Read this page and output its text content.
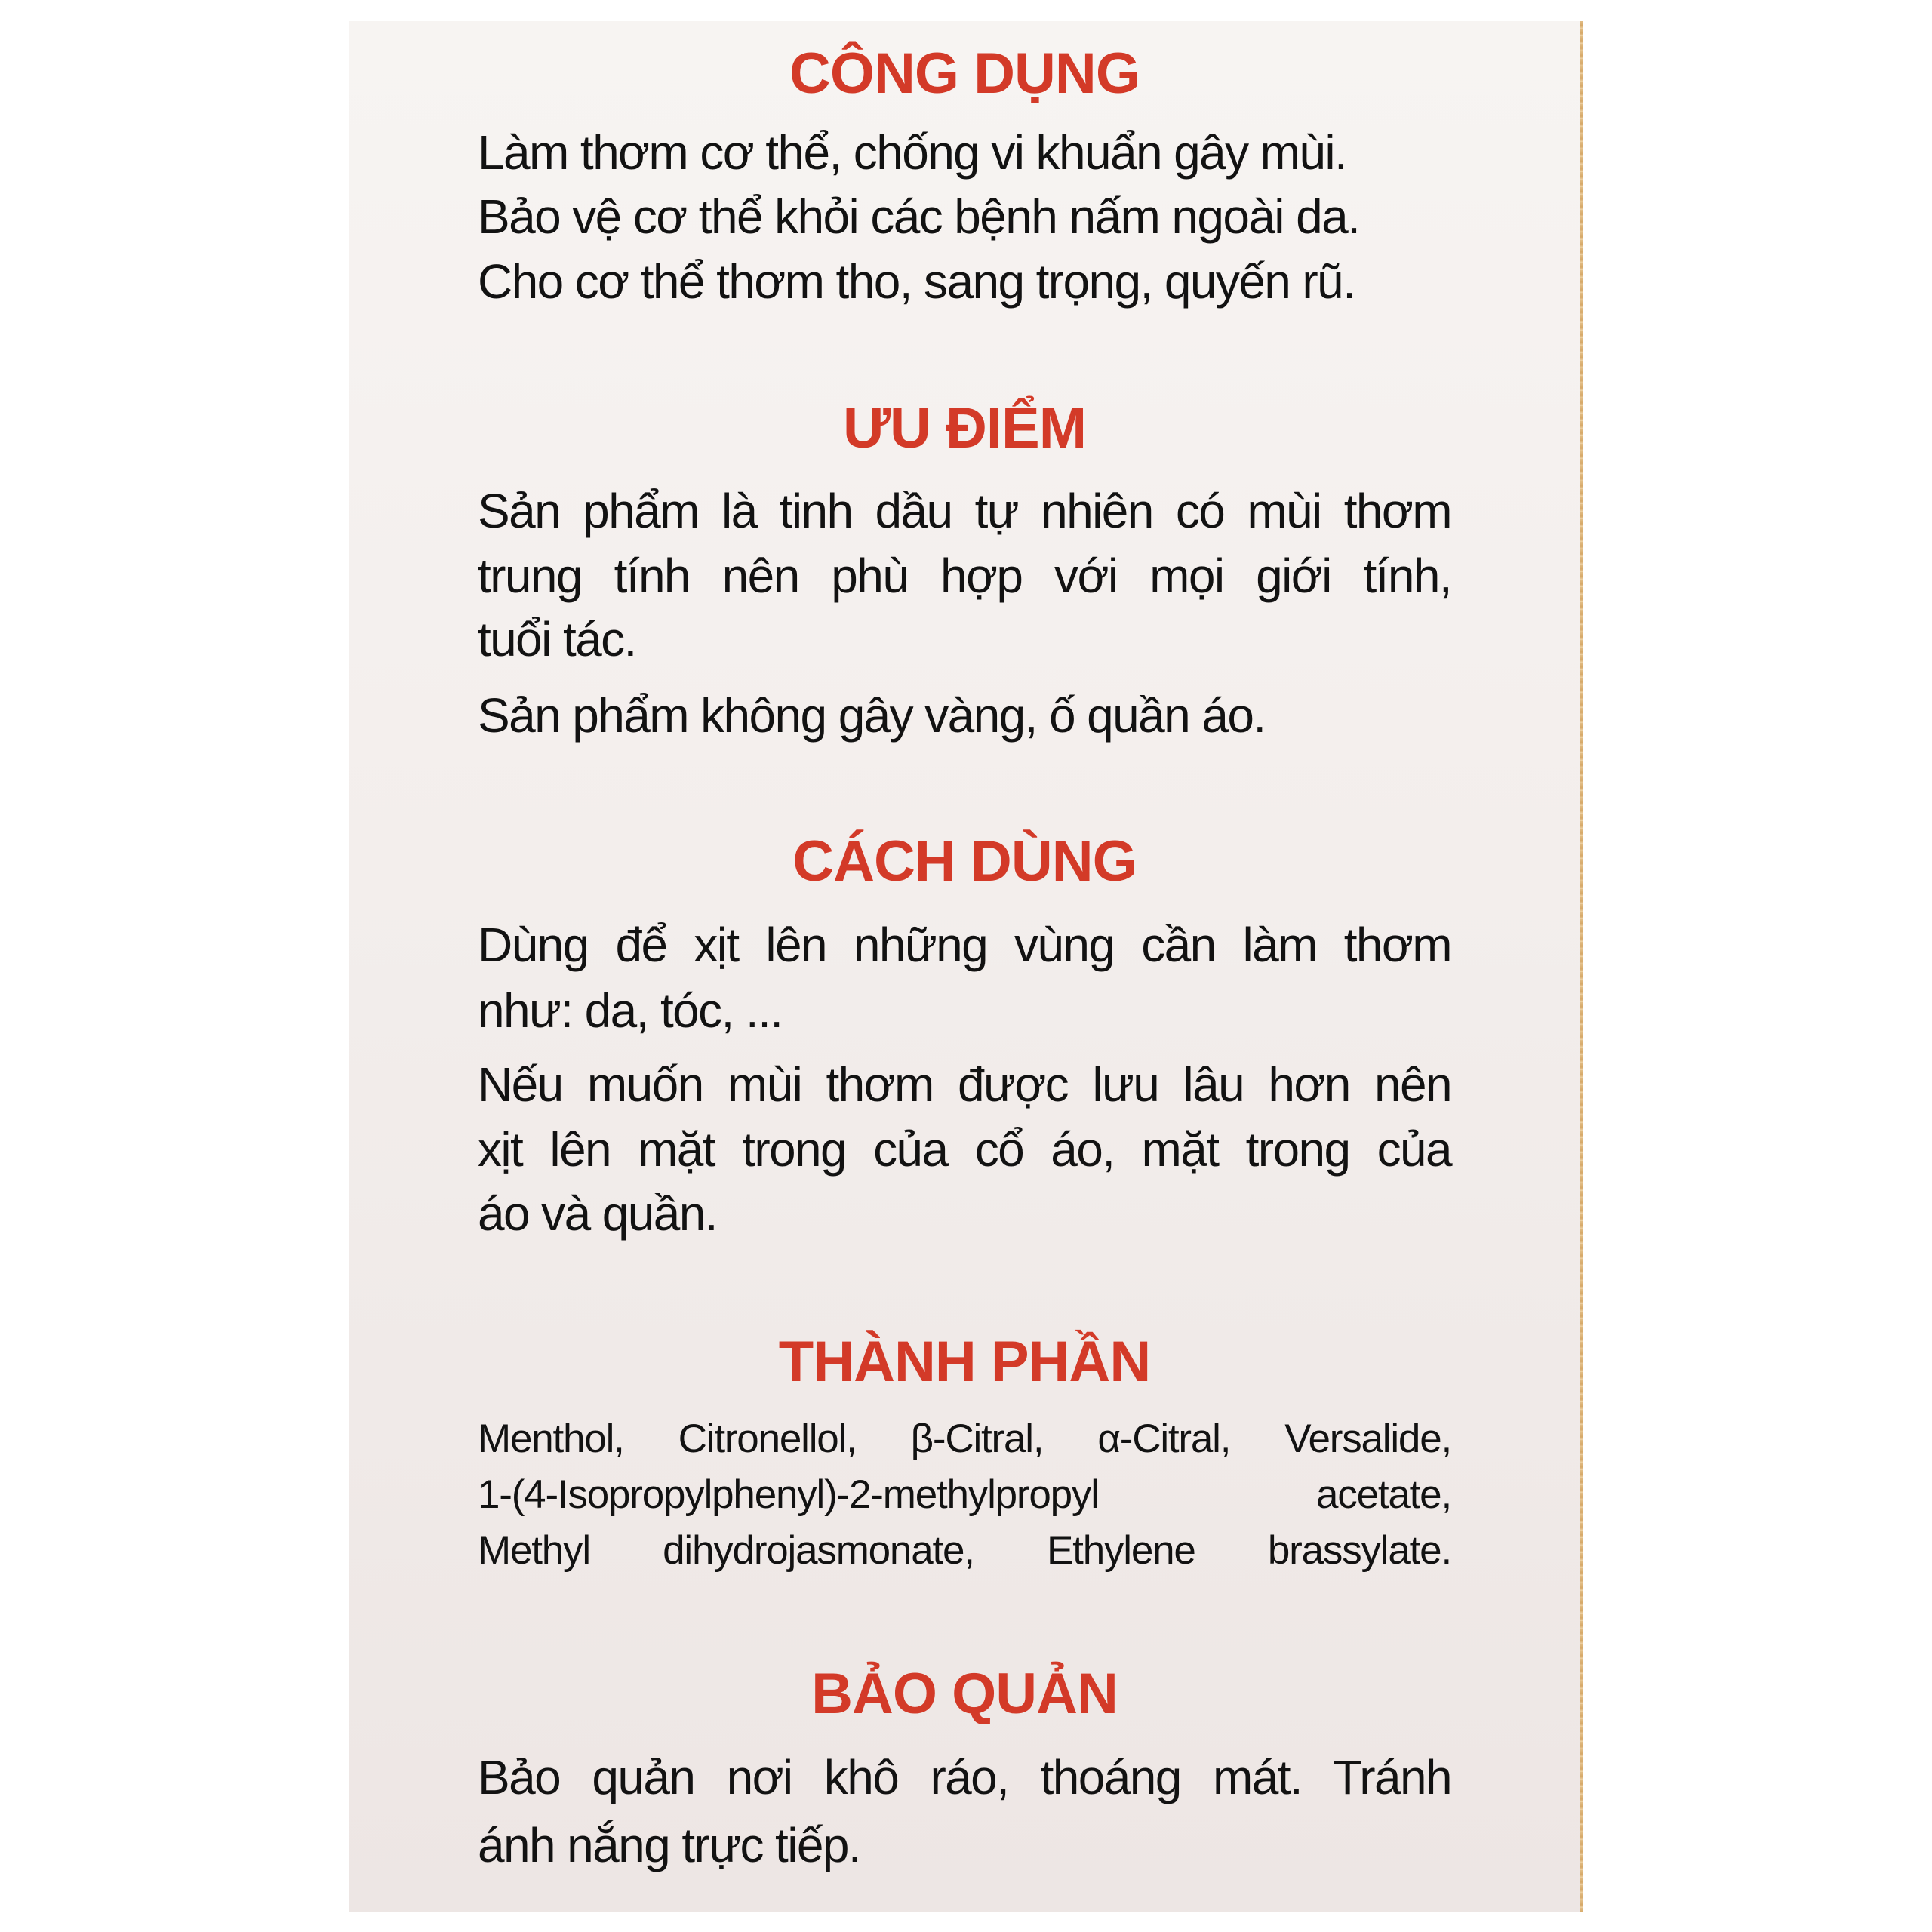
CÔNG DỤNG
Làm thơm cơ thể, chống vi khuẩn gây mùi.
Bảo vệ cơ thể khỏi các bệnh nấm ngoài da.
Cho cơ thể thơm tho, sang trọng, quyến rũ.
ƯU ĐIỂM
Sản phẩm là tinh dầu tự nhiên có mùi thơm
trung tính nên phù hợp với mọi giới tính,
tuổi tác.
Sản phẩm không gây vàng, ố quần áo.
CÁCH DÙNG
Dùng để xịt lên những vùng cần làm thơm
như: da, tóc, ...
Nếu muốn mùi thơm được lưu lâu hơn nên
xịt lên mặt trong của cổ áo, mặt trong của
áo và quần.
THÀNH PHẦN
Menthol, Citronellol, β-Citral, α-Citral, Versalide,
1-(4-Isopropylphenyl)-2-methylpropyl acetate,
Methyl dihydrojasmonate, Ethylene brassylate.
BẢO QUẢN
Bảo quản nơi khô ráo, thoáng mát. Tránh
ánh nắng trực tiếp.
